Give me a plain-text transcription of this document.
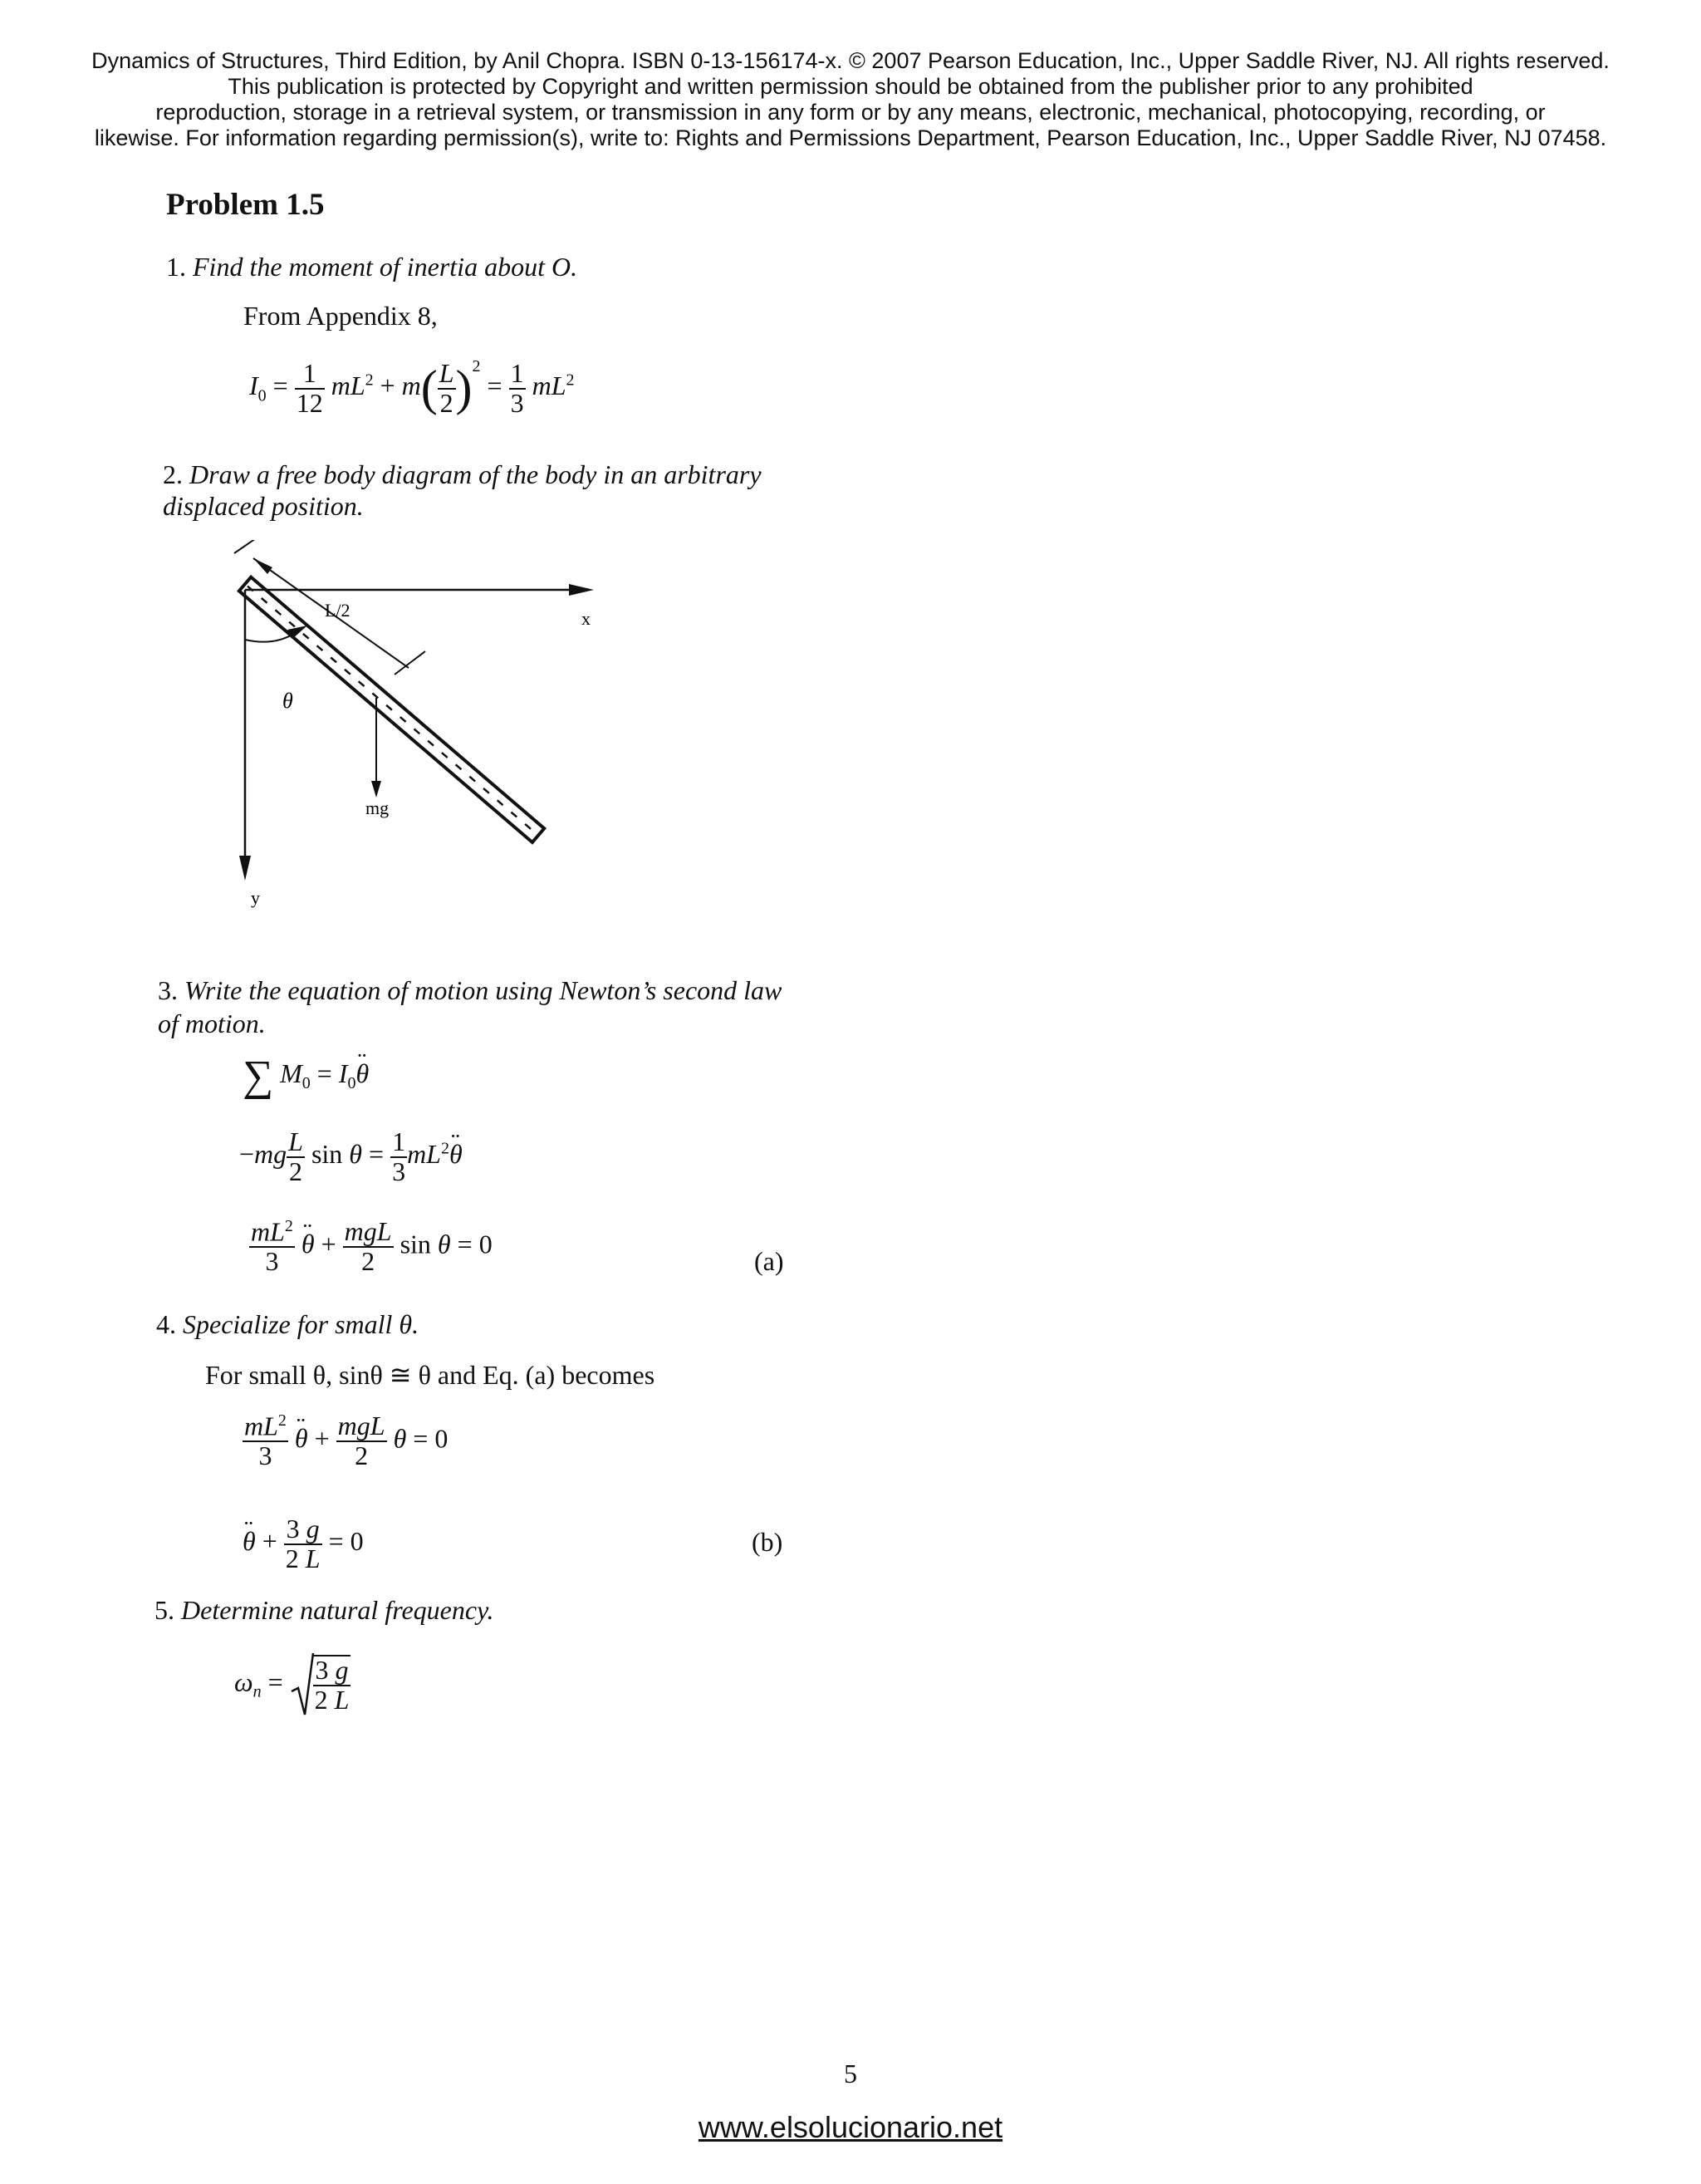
Dynamics of Structures, Third Edition, by Anil Chopra. ISBN 0-13-156174-x. © 2007 Pearson Education, Inc., Upper Saddle River, NJ. All rights reserved.
This publication is protected by Copyright and written permission should be obtained from the publisher prior to any prohibited
reproduction, storage in a retrieval system, or transmission in any form or by any means, electronic, mechanical, photocopying, recording, or
likewise. For information regarding permission(s), write to: Rights and Permissions Department, Pearson Education, Inc., Upper Saddle River, NJ 07458.
Problem 1.5
1. Find the moment of inertia about O.
From Appendix 8,
$I_0 = \frac{1}{12} mL^2 + m( \frac{L}{2} )^2 = \frac{1}{3} mL^2$
2. Draw a free body diagram of the body in an arbitrary
displaced position.
L/2	x
y
θ
mg
3. Write the equation of motion using Newton’s second law
of motion.
∑ $M_0$ = $I_0¨$ θ
$-mg \frac{L}{2}$ $\sin \theta = \frac{1}{3}$ $mL^2¨$ θ
$\frac{mL^2}{3}$ ¨ $\theta + \frac{\text{mgL}}{2}$ sin θ = 0
(a)
4. Specialize for small θ.
For small θ, sinθ ≅ θ and Eq. (a) becomes
$\frac{mL^2}{3}$ ¨ $\theta + \frac{\text{mgL}}{2}$ θ = 0
¨ $\theta + \frac{3 g}{2 L} = 0$	(b)
5. Determine natural frequency.
$\omega_n = \frac{3 g}{2 L}$
5
www.elsolucionario.net
